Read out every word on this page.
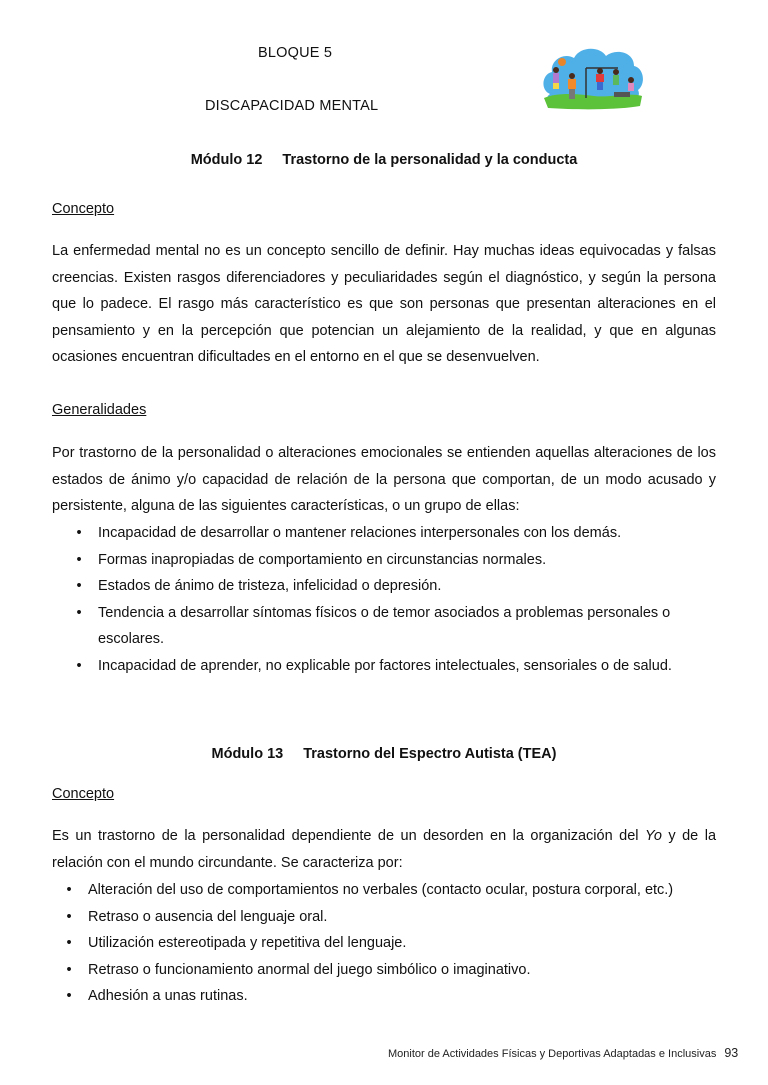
BLOQUE 5
DISCAPACIDAD MENTAL
Módulo 12 Trastorno de la personalidad y la conducta
Concepto

La enfermedad mental no es un concepto sencillo de definir. Hay muchas ideas equivocadas y falsas creencias. Existen rasgos diferenciadores y peculiaridades según el diagnóstico, y según la persona que lo padece. El rasgo más característico es que son personas que presentan alteraciones en el pensamiento y en la percepción que potencian un alejamiento de la realidad, y que en algunas ocasiones encuentran dificultades en el entorno en el que se desenvuelven.

Generalidades

Por trastorno de la personalidad o alteraciones emocionales se entienden aquellas alteraciones de los estados de ánimo y/o capacidad de relación de la persona que comportan, de un modo acusado y persistente, alguna de las siguientes características, o un grupo de ellas:

• Incapacidad de desarrollar o mantener relaciones interpersonales con los demás.
• Formas inapropiadas de comportamiento en circunstancias normales.
• Estados de ánimo de tristeza, infelicidad o depresión.
• Tendencia a desarrollar síntomas físicos o de temor asociados a problemas personales o escolares.
• Incapacidad de aprender, no explicable por factores intelectuales, sensoriales o de salud.
Módulo 13 Trastorno del Espectro Autista (TEA)
Concepto

Es un trastorno de la personalidad dependiente de un desorden en la organización del Yo y de la relación con el mundo circundante. Se caracteriza por:

• Alteración del uso de comportamientos no verbales (contacto ocular, postura corporal, etc.)
• Retraso o ausencia del lenguaje oral.
• Utilización estereotipada y repetitiva del lenguaje.
• Retraso o funcionamiento anormal del juego simbólico o imaginativo.
• Adhesión a unas rutinas.
Monitor de Actividades Físicas y Deportivas Adaptadas e Inclusivas 93
